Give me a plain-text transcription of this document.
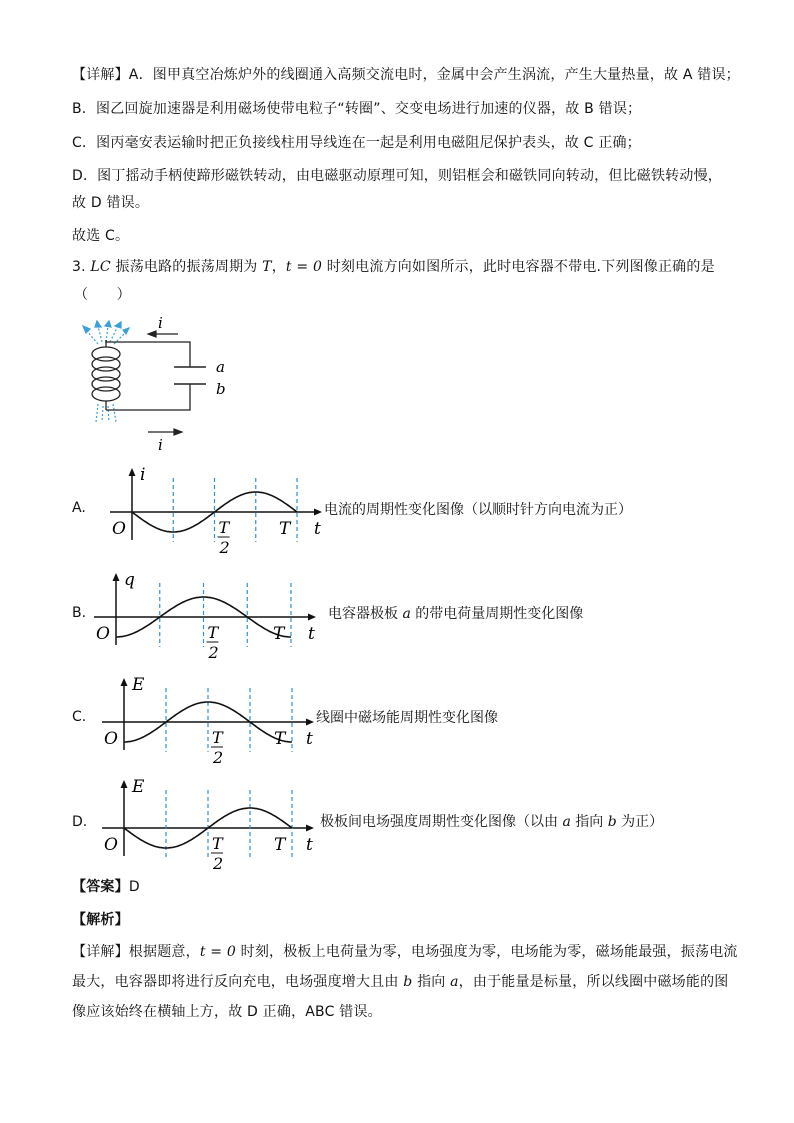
【详解】A．图甲真空冶炼炉外的线圈通入高频交流电时，金属中会产生涡流，产生大量热量，故 A 错误；
B．图乙回旋加速器是利用磁场使带电粒子“转圈”、交变电场进行加速的仪器，故 B 错误；
C．图丙毫安表运输时把正负接线柱用导线连在一起是利用电磁阻尼保护表头，故 C 正确；
D．图丁摇动手柄使蹄形磁铁转动，由电磁驱动原理可知，则铝框会和磁铁同向转动，但比磁铁转动慢，
故 D 错误。
故选 C。
3. LC 振荡电路的振荡周期为 T，t = 0 时刻电流方向如图所示，此时电容器不带电.下列图像正确的是
（　　）
i
i
a
b
A.
i
O	T
2
T t
电流的周期性变化图像（以顺时针方向电流为正）
B.
q
O	T
2
T t
电容器极板 a 的带电荷量周期性变化图像
C.
E
O	T
2
T t
线圈中磁场能周期性变化图像
D.
E
O	T
2
T t
极板间电场强度周期性变化图像（以由 a 指向 b 为正）
【答案】D
【解析】
【详解】根据题意，t = 0 时刻，极板上电荷量为零，电场强度为零，电场能为零，磁场能最强，振荡电流
最大，电容器即将进行反向充电，电场强度增大且由 b 指向 a，由于能量是标量，所以线圈中磁场能的图
像应该始终在横轴上方，故 D 正确，ABC 错误。
